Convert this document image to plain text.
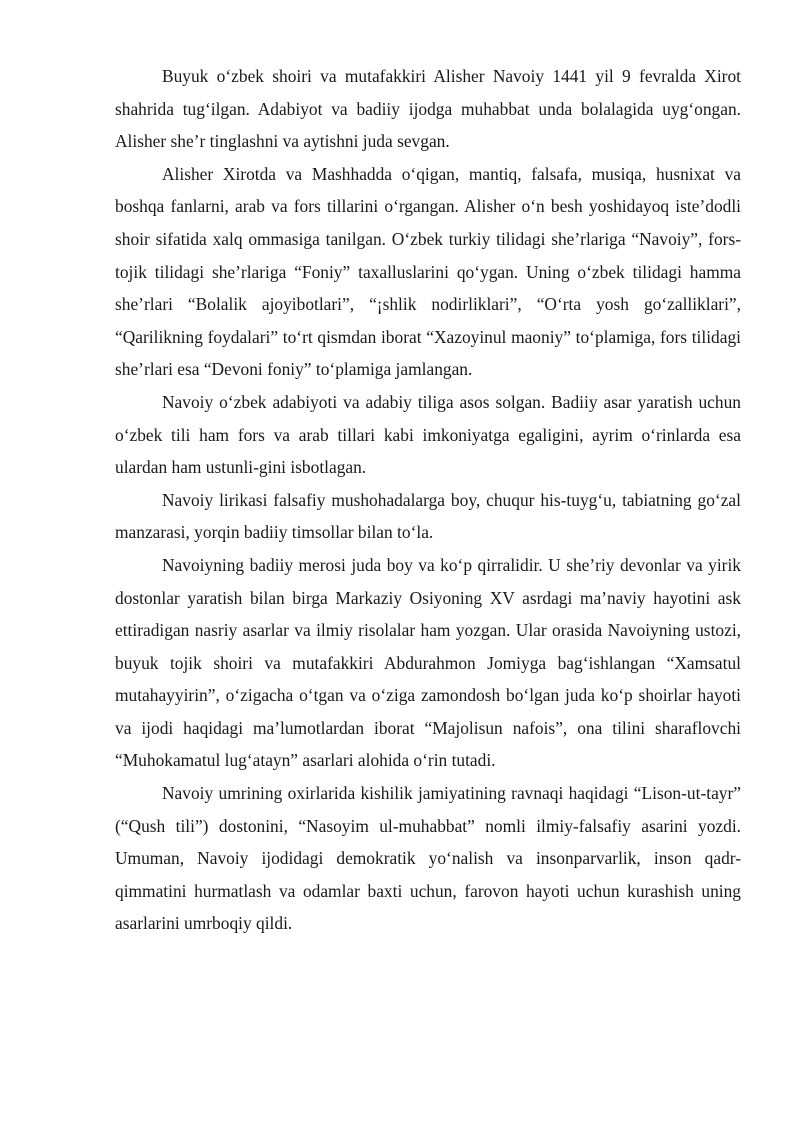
Buyuk o‘zbek shoiri va mutafakkiri Alisher Navoiy 1441 yil 9 fevralda Xirot shahrida tug‘ilgan. Adabiyot va badiiy ijodga muhabbat unda bolalagida uyg‘ongan. Alisher she’r tinglashni va aytishni juda sevgan.

Alisher Xirotda va Mashhadda o‘qigan, mantiq, falsafa, musiqa, husnixat va boshqa fanlarni, arab va fors tillarini o‘rgangan. Alisher o‘n besh yoshidayoq iste’dodli shoir sifatida xalq ommasiga tanilgan. O‘zbek turkiy tilidagi she’rlariga “Navoiy”, fors-tojik tilidagi she’rlariga “Foniy” taxalluslarini qo‘ygan. Uning o‘zbek tilidagi hamma she’rlari “Bolalik ajoyibotlari”, “¡shlik nodirliklari”, “O‘rta yosh go‘zalliklari”, “Qarilikning foydalari” to‘rt qismdan iborat “Xazoyinul maoniy” to‘plamiga, fors tilidagi she’rlari esa “Devoni foniy” to‘plamiga jamlangan.

Navoiy o‘zbek adabiyoti va adabiy tiliga asos solgan. Badiiy asar yaratish uchun o‘zbek tili ham fors va arab tillari kabi imkoniyatga egaligini, ayrim o‘rinlarda esa ulardan ham ustunli-gini isbotlagan.

Navoiy lirikasi falsafiy mushohadalarga boy, chuqur his-tuyg‘u, tabiatning go‘zal manzarasi, yorqin badiiy timsollar bilan to‘la.

Navoiyning badiiy merosi juda boy va ko‘p qirralidir. U she’riy devonlar va yirik dostonlar yaratish bilan birga Markaziy Osiyoning XV asrdagi ma’naviy hayotini ask ettiradigan nasriy asarlar va ilmiy risolalar ham yozgan. Ular orasida Navoiyning ustozi, buyuk tojik shoiri va mutafakkiri Abdurahmon Jomiyga bag‘ishlangan “Xamsatul mutahayyirin”, o‘zigacha o‘tgan va o‘ziga zamondosh bo‘lgan juda ko‘p shoirlar hayoti va ijodi haqidagi ma’lumotlardan iborat “Majolisun nafois”, ona tilini sharaflovchi “Muhokamatul lug‘atayn” asarlari alohida o‘rin tutadi.

Navoiy umrining oxirlarida kishilik jamiyatining ravnaqi haqidagi “Lison-ut-tayr” (“Qush tili”) dostonini, “Nasoyim ul-muhabbat” nomli ilmiy-falsafiy asarini yozdi. Umuman, Navoiy ijodidagi demokratik yo‘nalish va insonparvarlik, inson qadr-qimmatini hurmatlash va odamlar baxti uchun, farovon hayoti uchun kurashish uning asarlarini umrboqiy qildi.
